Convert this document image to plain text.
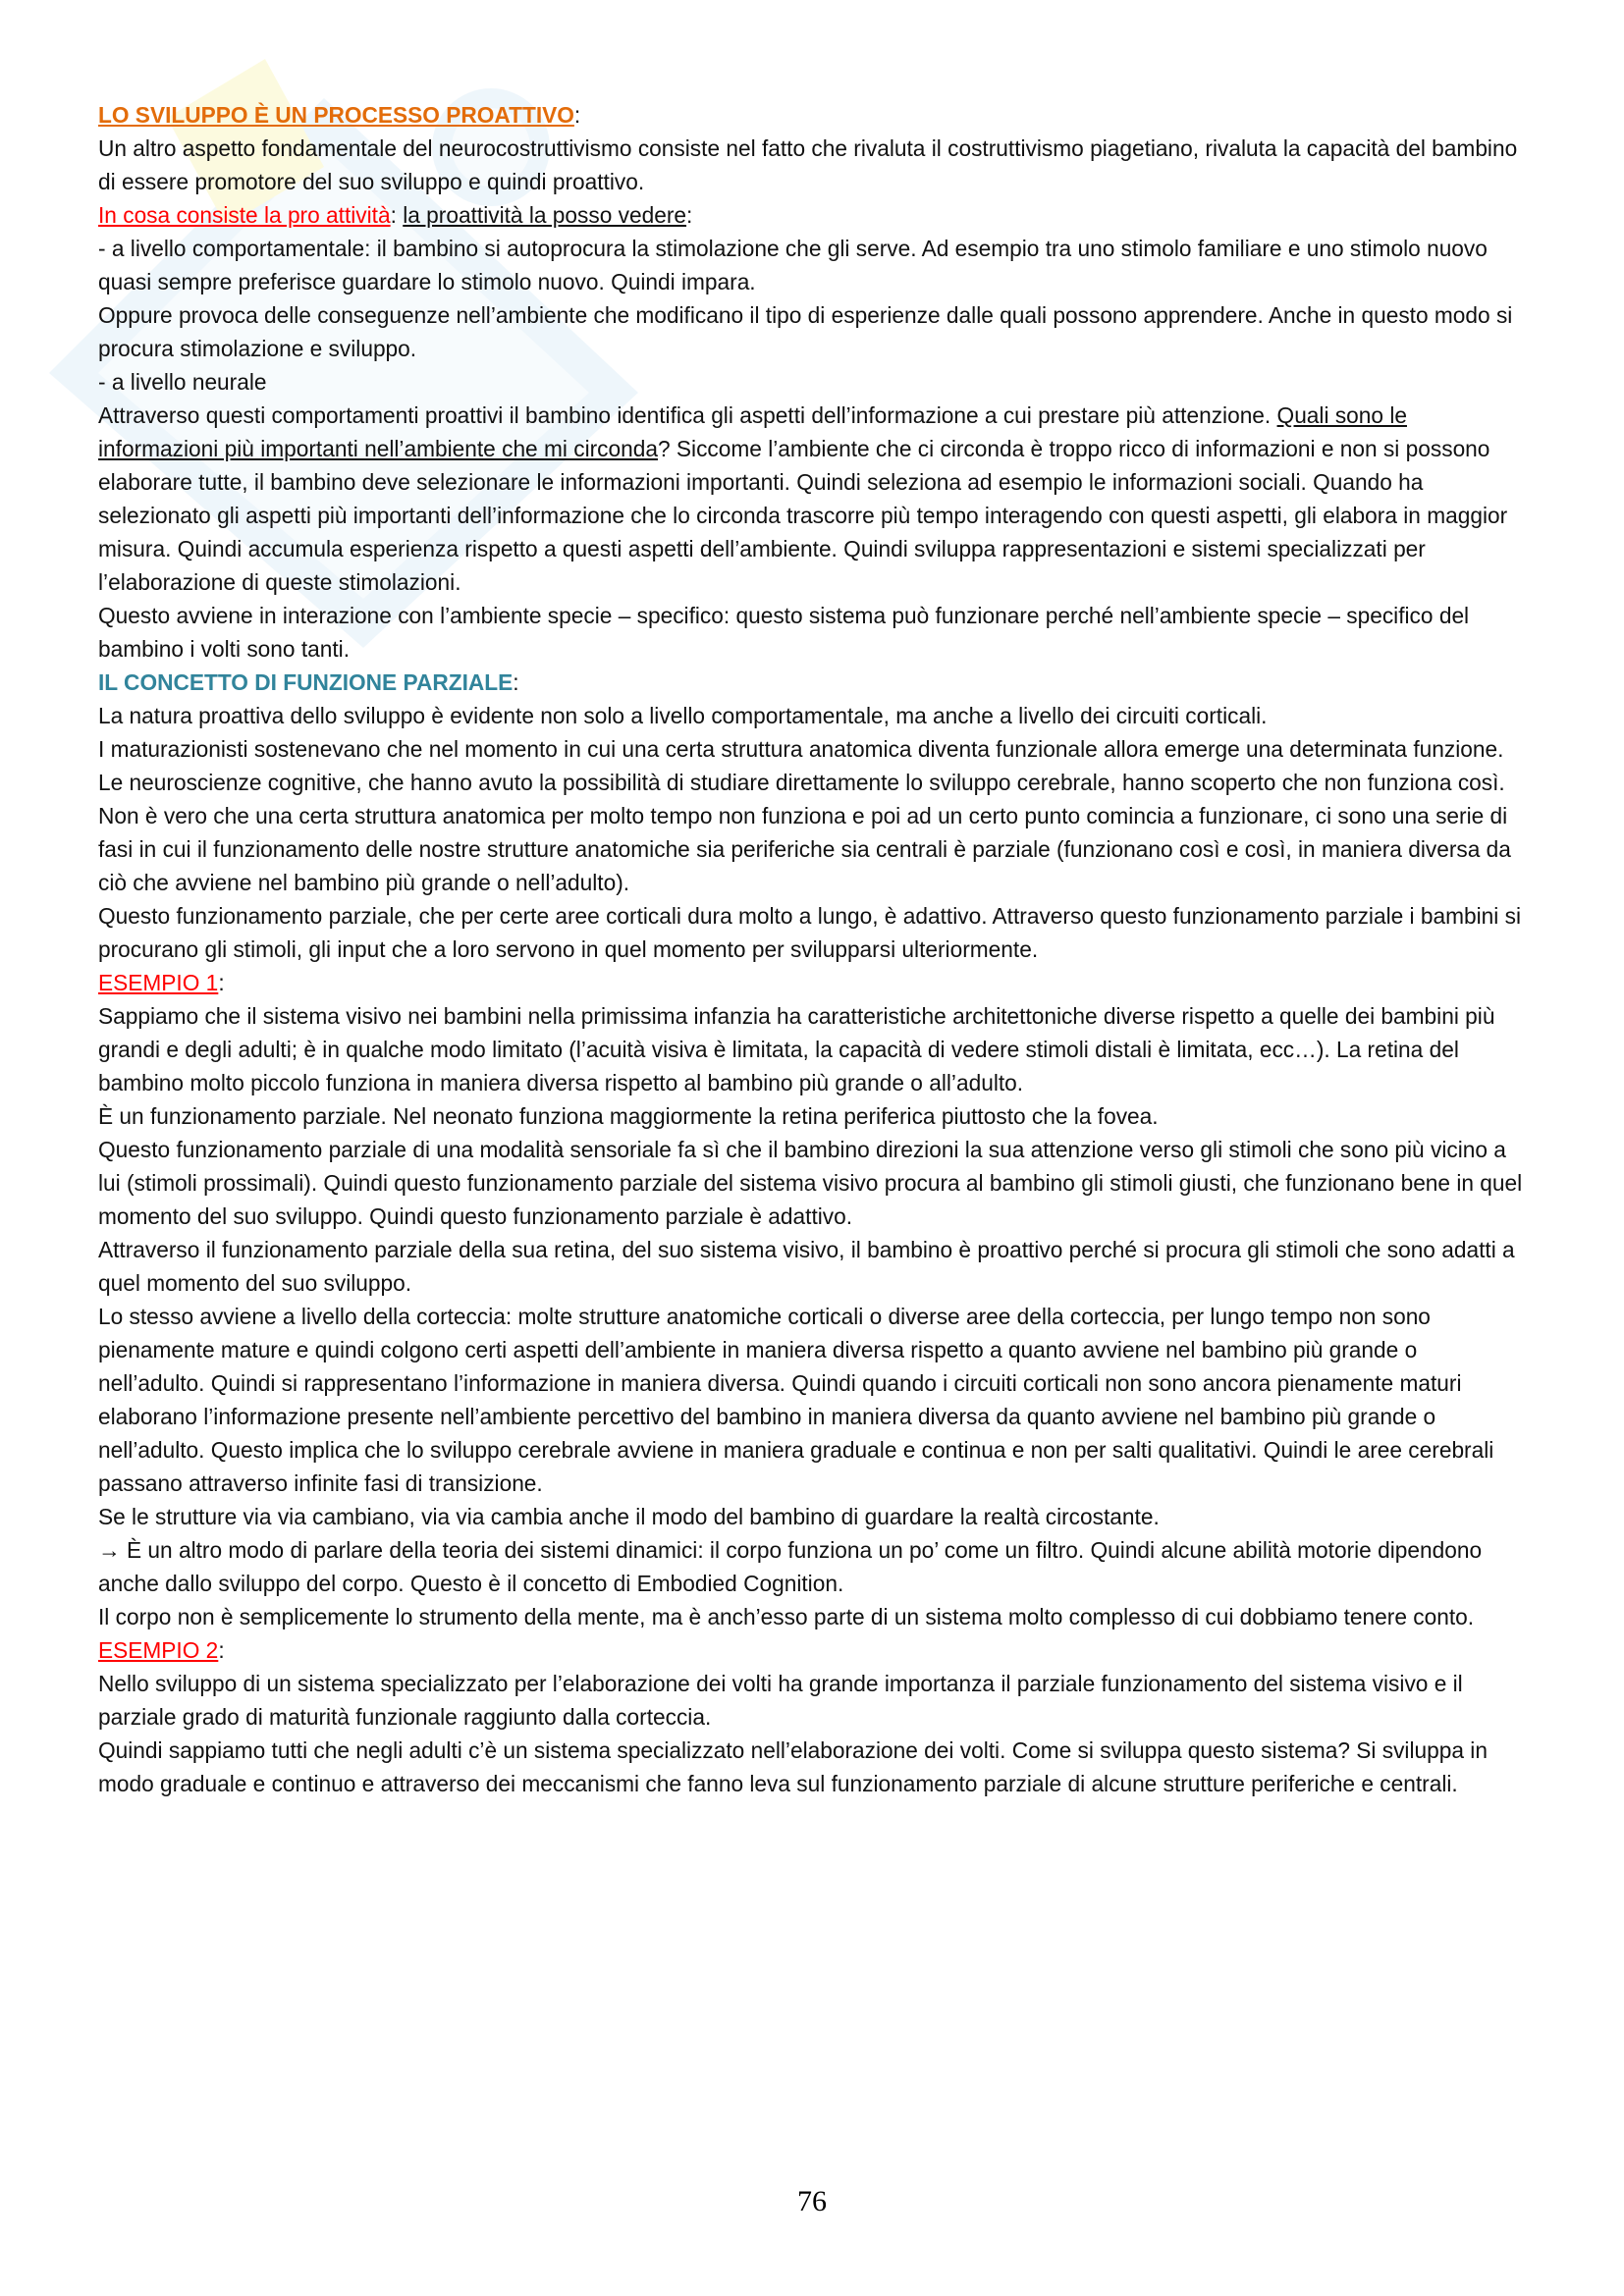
LO SVILUPPO È UN PROCESSO PROATTIVO:

Un altro aspetto fondamentale del neurocostruttivismo consiste nel fatto che rivaluta il costruttivismo piagetiano, rivaluta la capacità del bambino di essere promotore del suo sviluppo e quindi proattivo.

In cosa consiste la pro attività: la proattività la posso vedere:

- a livello comportamentale: il bambino si autoprocura la stimolazione che gli serve. Ad esempio tra uno stimolo familiare e uno stimolo nuovo quasi sempre preferisce guardare lo stimolo nuovo. Quindi impara.

Oppure provoca delle conseguenze nell’ambiente che modificano il tipo di esperienze dalle quali possono apprendere. Anche in questo modo si procura stimolazione e sviluppo.

- a livello neurale

Attraverso questi comportamenti proattivi il bambino identifica gli aspetti dell’informazione a cui prestare più attenzione. Quali sono le informazioni più importanti nell’ambiente che mi circonda? Siccome l’ambiente che ci circonda è troppo ricco di informazioni e non si possono elaborare tutte, il bambino deve selezionare le informazioni importanti. Quindi seleziona ad esempio le informazioni sociali. Quando ha selezionato gli aspetti più importanti dell’informazione che lo circonda trascorre più tempo interagendo con questi aspetti, gli elabora in maggior misura. Quindi accumula esperienza rispetto a questi aspetti dell’ambiente. Quindi sviluppa rappresentazioni e sistemi specializzati per l’elaborazione di queste stimolazioni.

Questo avviene in interazione con l’ambiente specie – specifico: questo sistema può funzionare perché nell’ambiente specie – specifico del bambino i volti sono tanti.

IL CONCETTO DI FUNZIONE PARZIALE:

La natura proattiva dello sviluppo è evidente non solo a livello comportamentale, ma anche a livello dei circuiti corticali.

I maturazionisti sostenevano che nel momento in cui una certa struttura anatomica diventa funzionale allora emerge una determinata funzione.

Le neuroscienze cognitive, che hanno avuto la possibilità di studiare direttamente lo sviluppo cerebrale, hanno scoperto che non funziona così. Non è vero che una certa struttura anatomica per molto tempo non funziona e poi ad un certo punto comincia a funzionare, ci sono una serie di fasi in cui il funzionamento delle nostre strutture anatomiche sia periferiche sia centrali è parziale (funzionano così e così, in maniera diversa da ciò che avviene nel bambino più grande o nell’adulto).

Questo funzionamento parziale, che per certe aree corticali dura molto a lungo, è adattivo. Attraverso questo funzionamento parziale i bambini si procurano gli stimoli, gli input che a loro servono in quel momento per svilupparsi ulteriormente.

ESEMPIO 1:

Sappiamo che il sistema visivo nei bambini nella primissima infanzia ha caratteristiche architettoniche diverse rispetto a quelle dei bambini più grandi e degli adulti; è in qualche modo limitato (l’acuità visiva è limitata, la capacità di vedere stimoli distali è limitata, ecc…). La retina del bambino molto piccolo funziona in maniera diversa rispetto al bambino più grande o all’adulto.

È un funzionamento parziale. Nel neonato funziona maggiormente la retina periferica piuttosto che la fovea.

Questo funzionamento parziale di una modalità sensoriale fa sì che il bambino direzioni la sua attenzione verso gli stimoli che sono più vicino a lui (stimoli prossimali). Quindi questo funzionamento parziale del sistema visivo procura al bambino gli stimoli giusti, che funzionano bene in quel momento del suo sviluppo. Quindi questo funzionamento parziale è adattivo.

Attraverso il funzionamento parziale della sua retina, del suo sistema visivo, il bambino è proattivo perché si procura gli stimoli che sono adatti a quel momento del suo sviluppo.

Lo stesso avviene a livello della corteccia: molte strutture anatomiche corticali o diverse aree della corteccia, per lungo tempo non sono pienamente mature e quindi colgono certi aspetti dell’ambiente in maniera diversa rispetto a quanto avviene nel bambino più grande o nell’adulto. Quindi si rappresentano l’informazione in maniera diversa. Quindi quando i circuiti corticali non sono ancora pienamente maturi elaborano l’informazione presente nell’ambiente percettivo del bambino in maniera diversa da quanto avviene nel bambino più grande o nell’adulto. Questo implica che lo sviluppo cerebrale avviene in maniera graduale e continua e non per salti qualitativi. Quindi le aree cerebrali passano attraverso infinite fasi di transizione.

Se le strutture via via cambiano, via via cambia anche il modo del bambino di guardare la realtà circostante.

→ È un altro modo di parlare della teoria dei sistemi dinamici: il corpo funziona un po’ come un filtro. Quindi alcune abilità motorie dipendono anche dallo sviluppo del corpo. Questo è il concetto di Embodied Cognition.

Il corpo non è semplicemente lo strumento della mente, ma è anch’esso parte di un sistema molto complesso di cui dobbiamo tenere conto.

ESEMPIO 2:

Nello sviluppo di un sistema specializzato per l’elaborazione dei volti ha grande importanza il parziale funzionamento del sistema visivo e il parziale grado di maturità funzionale raggiunto dalla corteccia.

Quindi sappiamo tutti che negli adulti c’è un sistema specializzato nell’elaborazione dei volti. Come si sviluppa questo sistema? Si sviluppa in modo graduale e continuo e attraverso dei meccanismi che fanno leva sul funzionamento parziale di alcune strutture periferiche e centrali.

76
